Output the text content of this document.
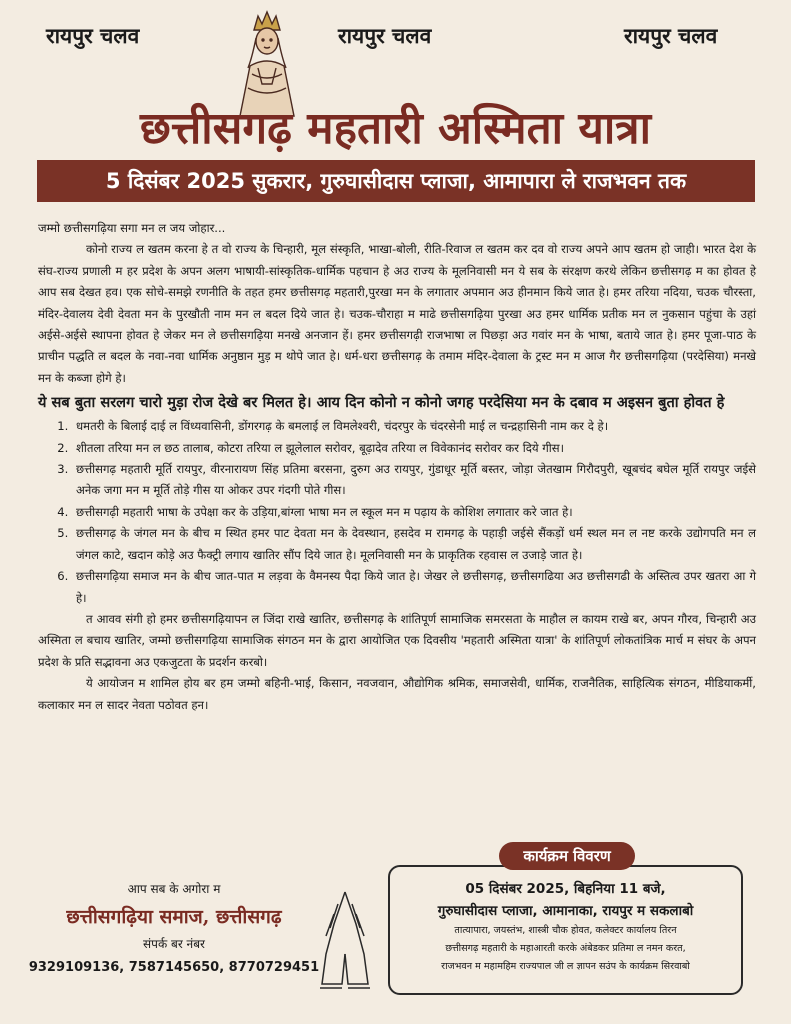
रायपुर चलव	रायपुर चलव	रायपुर चलव
छत्तीसगढ़ महतारी अस्मिता यात्रा
5 दिसंबर 2025 सुकरार, गुरुघासीदास प्लाजा, आमापारा ले राजभवन तक

जम्मो छत्तीसगढ़िया सगा मन ल जय जोहार...

कोनो राज्य ल खतम करना हे त वो राज्य के चिन्हारी, मूल संस्कृति, भाखा-बोली, रीति-रिवाज ल खतम कर दव वो राज्य अपने आप खतम हो जाही। भारत देश के संघ-राज्य प्रणाली म हर प्रदेश के अपन अलग भाषायी-सांस्कृतिक-धार्मिक पहचान हे अउ राज्य के मूलनिवासी मन ये सब के संरक्षण करथे लेकिन छत्तीसगढ़ म का होवत हे आप सब देखत हव। एक सोचे-समझे रणनीति के तहत हमर छत्तीसगढ़ महतारी,पुरखा मन के लगातार अपमान अउ हीनमान किये जात हे। हमर तरिया नदिया, चउक चौरस्ता, मंदिर-देवालय देवी देवता मन के पुरखौती नाम मन ल बदल दिये जात हे। चउक-चौराहा म माढे छत्तीसगढ़िया पुरखा अउ हमर धार्मिक प्रतीक मन ल नुकसान पहुंचा के उहां अईसे-अईसे स्थापना होवत हे जेकर मन ले छत्तीसगढ़िया मनखे अनजान हें। हमर छत्तीसगढ़ी राजभाषा ल पिछड़ा अउ गवांर मन के भाषा, बताये जात हे। हमर पूजा-पाठ के प्राचीन पद्धति ल बदल के नवा-नवा धार्मिक अनुष्ठान मुड़ म थोपे जात हे। धर्म-धरा छत्तीसगढ़ के तमाम मंदिर-देवाला के ट्रस्ट मन म आज गैर छत्तीसगढ़िया (परदेसिया) मनखे मन के कब्जा होगे हे।

ये सब बुता सरलग चारो मुड़ा रोज देखे बर मिलत हे। आय दिन कोनो न कोनो जगह परदेसिया मन के दबाव म अइसन बुता होवत हे

1. धमतरी के बिलाई दाई ल विंध्यवासिनी, डोंगरगढ़ के बमलाई ल विमलेश्वरी, चंदरपुर के चंदरसेनी माई ल चन्द्रहासिनी नाम कर दे हे।
2. शीतला तरिया मन ल छठ तालाब, कोटरा तरिया ल झूलेलाल सरोवर, बूढ़ादेव तरिया ल विवेकानंद सरोवर कर दिये गीस।
3. छत्तीसगढ़ महतारी मूर्ति रायपुर, वीरनारायण सिंह प्रतिमा बरसना, दुरुग अउ रायपुर, गुंडाधूर मूर्ति बस्तर, जोड़ा जेतखाम गिरौदपुरी, खूबचंद बघेल मूर्ति रायपुर जईसे अनेक जगा मन म मूर्ति तोड़े गीस या ओकर उपर गंदगी पोते गीस।
4. छत्तीसगढ़ी महतारी भाषा के उपेक्षा कर के उड़िया,बांग्ला भाषा मन ल स्कूल मन म पढ़ाय के कोशिश लगातार करे जात हे।
5. छत्तीसगढ़ के जंगल मन के बीच म स्थित हमर पाट देवता मन के देवस्थान, हसदेव म रामगढ़ के पहाड़ी जईसे सैंकड़ों धर्म स्थल मन ल नष्ट करके उद्योगपति मन ल जंगल काटे, खदान कोड़े अउ फैक्ट्री लगाय खातिर सौंप दिये जात हे। मूलनिवासी मन के प्राकृतिक रहवास ल उजाड़े जात हे।
6. छत्तीसगढ़िया समाज मन के बीच जात-पात म लड़वा के वैमनस्य पैदा किये जात हे। जेखर ले छत्तीसगढ़, छत्तीसगढिया अउ छत्तीसगढी के अस्तित्व उपर खतरा आ गे हे।

त आवव संगी हो हमर छत्तीसगढ़ियापन ल जिंदा राखे खातिर, छत्तीसगढ़ के शांतिपूर्ण सामाजिक समरसता के माहौल ल कायम राखे बर, अपन गौरव, चिन्हारी अउ अस्मिता ल बचाय खातिर, जम्मो छत्तीसगढ़िया सामाजिक संगठन मन के द्वारा आयोजित एक दिवसीय 'महतारी अस्मिता यात्रा' के शांतिपूर्ण लोकतांत्रिक मार्च म संघर के अपन प्रदेश के प्रति सद्भावना अउ एकजुटता के प्रदर्शन करबो।

ये आयोजन म शामिल होय बर हम जम्मो बहिनी-भाई, किसान, नवजवान, औद्योगिक श्रमिक, समाजसेवी, धार्मिक, राजनैतिक, साहित्यिक संगठन, मीडियाकर्मी, कलाकार मन ल सादर नेवता पठोवत हन।

आप सब के अगोरा म
छत्तीसगढ़िया समाज, छत्तीसगढ़
संपर्क बर नंबर
9329109136, 7587145650, 8770729451
कार्यक्रम विवरण
05 दिसंबर 2025, बिहनिया 11 बजे,
गुरुघासीदास प्लाजा, आमानाका, रायपुर म सकलाबो
तात्यापारा, जयस्तंभ, शास्त्री चौक होवत, कलेक्टर कार्यालय तिरन
छत्तीसगढ़ महतारी के महाआरती करके अंबेडकर प्रतिमा ल नमन करत,
राजभवन म महामहिम राज्यपाल जी ल ज्ञापन सउंप के कार्यक्रम सिरवाबो
